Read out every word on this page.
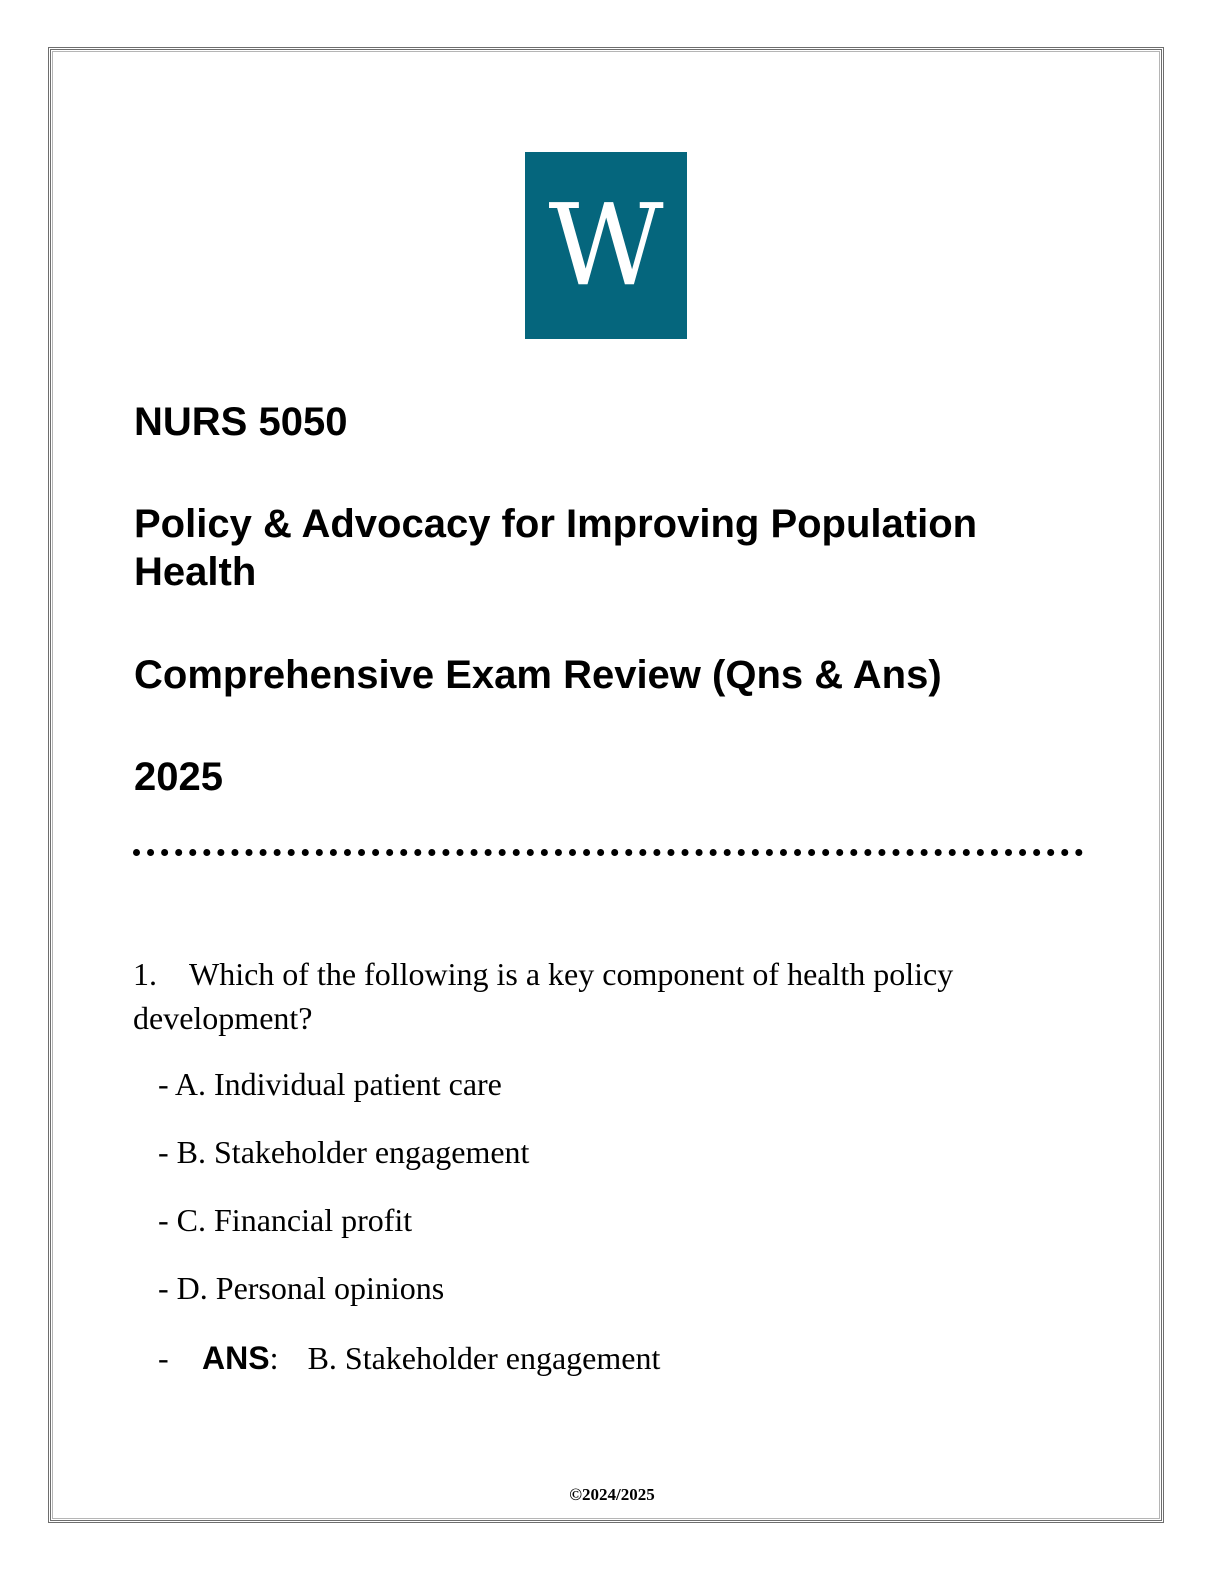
W
NURS 5050
Policy & Advocacy for Improving Population Health
Comprehensive Exam Review (Qns & Ans)
2025

1. Which of the following is a key component of health policy development?

- A. Individual patient care

- B. Stakeholder engagement

- C. Financial profit

- D. Personal opinions

- ANS: B. Stakeholder engagement

©2024/2025
